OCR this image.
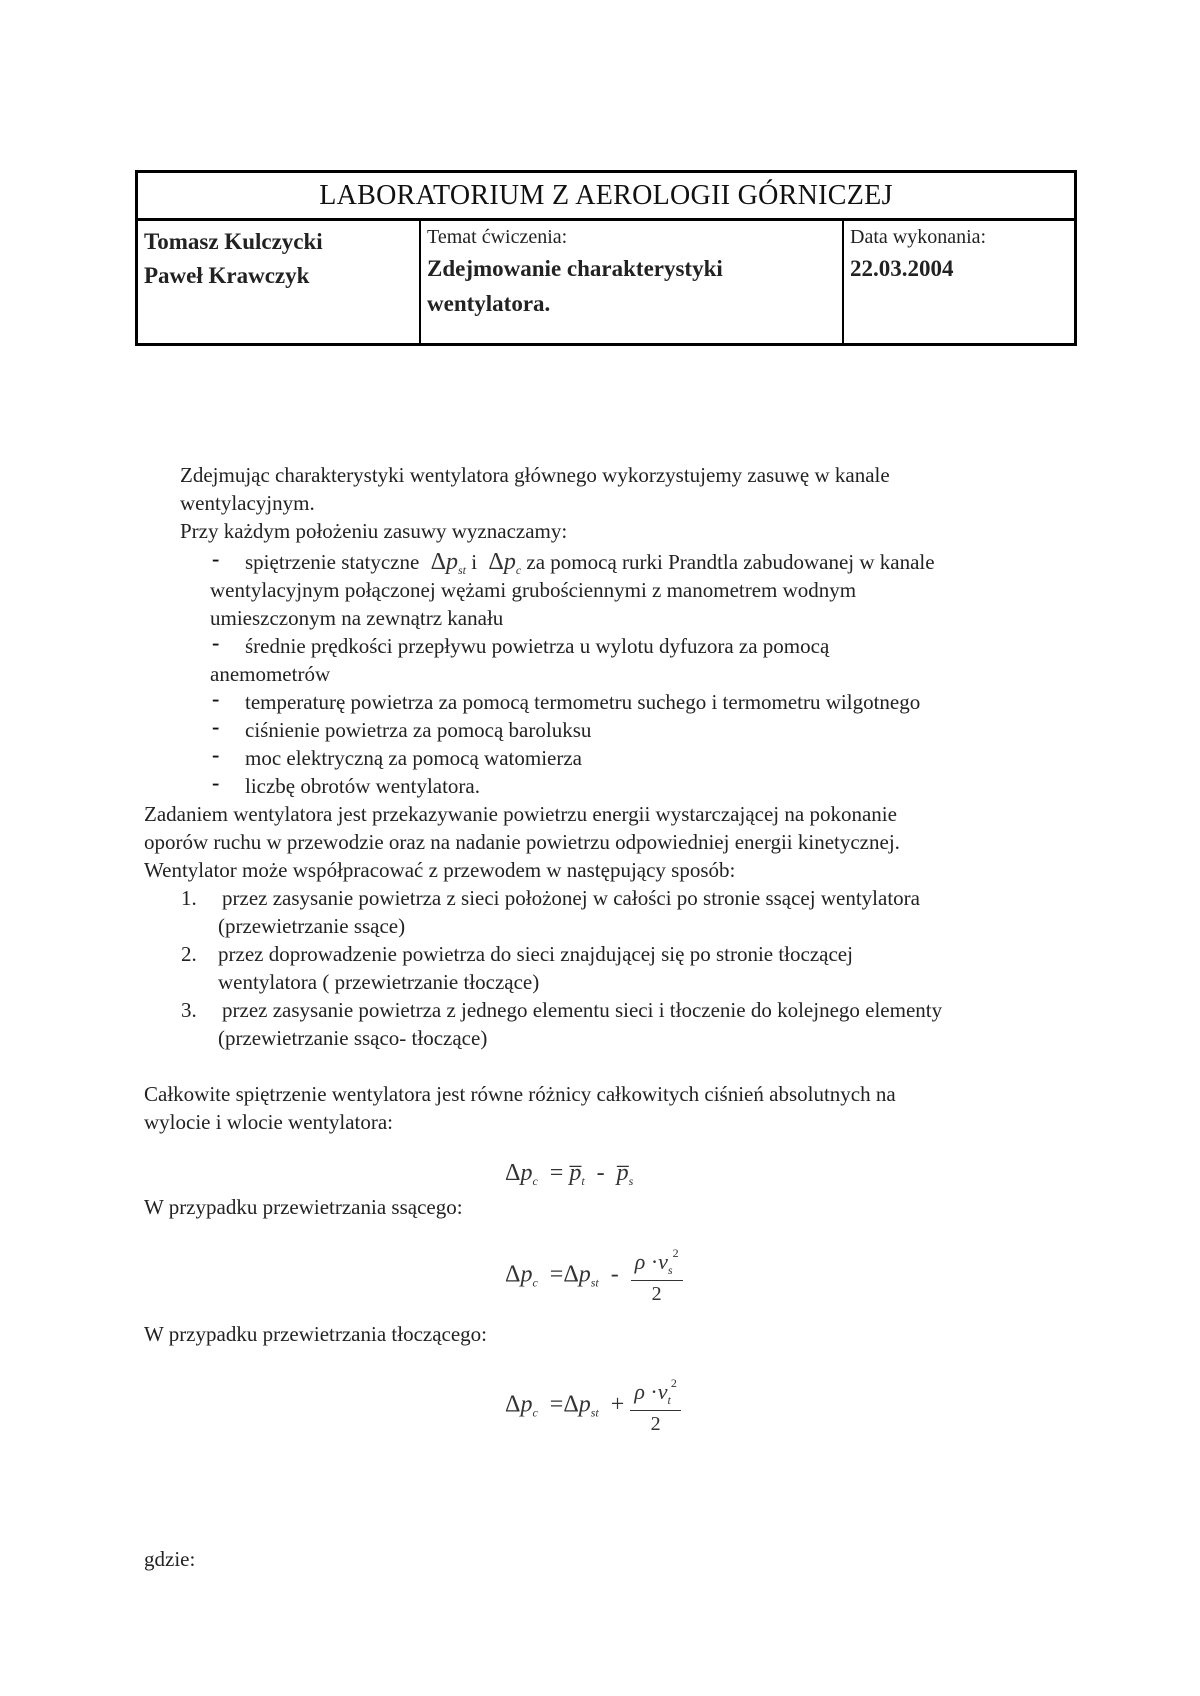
LABORATORIUM Z AEROLOGII GÓRNICZEJ
Tomasz Kulczycki
Paweł Krawczyk
Temat ćwiczenia:
Zdejmowanie charakterystyki
wentylatora.
Data wykonania:
22.03.2004

Zdejmując charakterystyki wentylatora głównego wykorzystujemy zasuwę w kanale

wentylacyjnym.

Przy każdym położeniu zasuwy wyznaczamy:

- spiętrzenie statyczne $\Delta p_{st}$ i $\Delta p_c$ za pomocą rurki Prandtla zabudowanej w kanale

wentylacyjnym połączonej wężami grubościennymi z manometrem wodnym

umieszczonym na zewnątrz kanału

- średnie prędkości przepływu powietrza u wylotu dyfuzora za pomocą

anemometrów

- temperaturę powietrza za pomocą termometru suchego i termometru wilgotnego

- ciśnienie powietrza za pomocą baroluksu

- moc elektryczną za pomocą watomierza

- liczbę obrotów wentylatora.

Zadaniem wentylatora jest przekazywanie powietrzu energii wystarczającej na pokonanie

oporów ruchu w przewodzie oraz na nadanie powietrzu odpowiedniej energii kinetycznej.

Wentylator może współpracować z przewodem w następujący sposób:

1. przez zasysanie powietrza z sieci położonej w całości po stronie ssącej wentylatora

(przewietrzanie ssące)

2. przez doprowadzenie powietrza do sieci znajdującej się po stronie tłoczącej

wentylatora ( przewietrzanie tłoczące)

3. przez zasysanie powietrza z jednego elementu sieci i tłoczenie do kolejnego elementy

(przewietrzanie ssąco- tłoczące)

Całkowite spiętrzenie wentylatora jest równe różnicy całkowitych ciśnień absolutnych na

wylocie i wlocie wentylatora:

$\Delta p_c$ = $p̅_t$ - $p̅_s$

W przypadku przewietrzania ssącego:

$\Delta p_c =\Delta p_{st} - \frac{\rho \cdot v_s^2}{2}$

W przypadku przewietrzania tłoczącego:

$\Delta p_c =\Delta p_{st} + \frac{\rho \cdot v_t^2}{2}$

gdzie:
